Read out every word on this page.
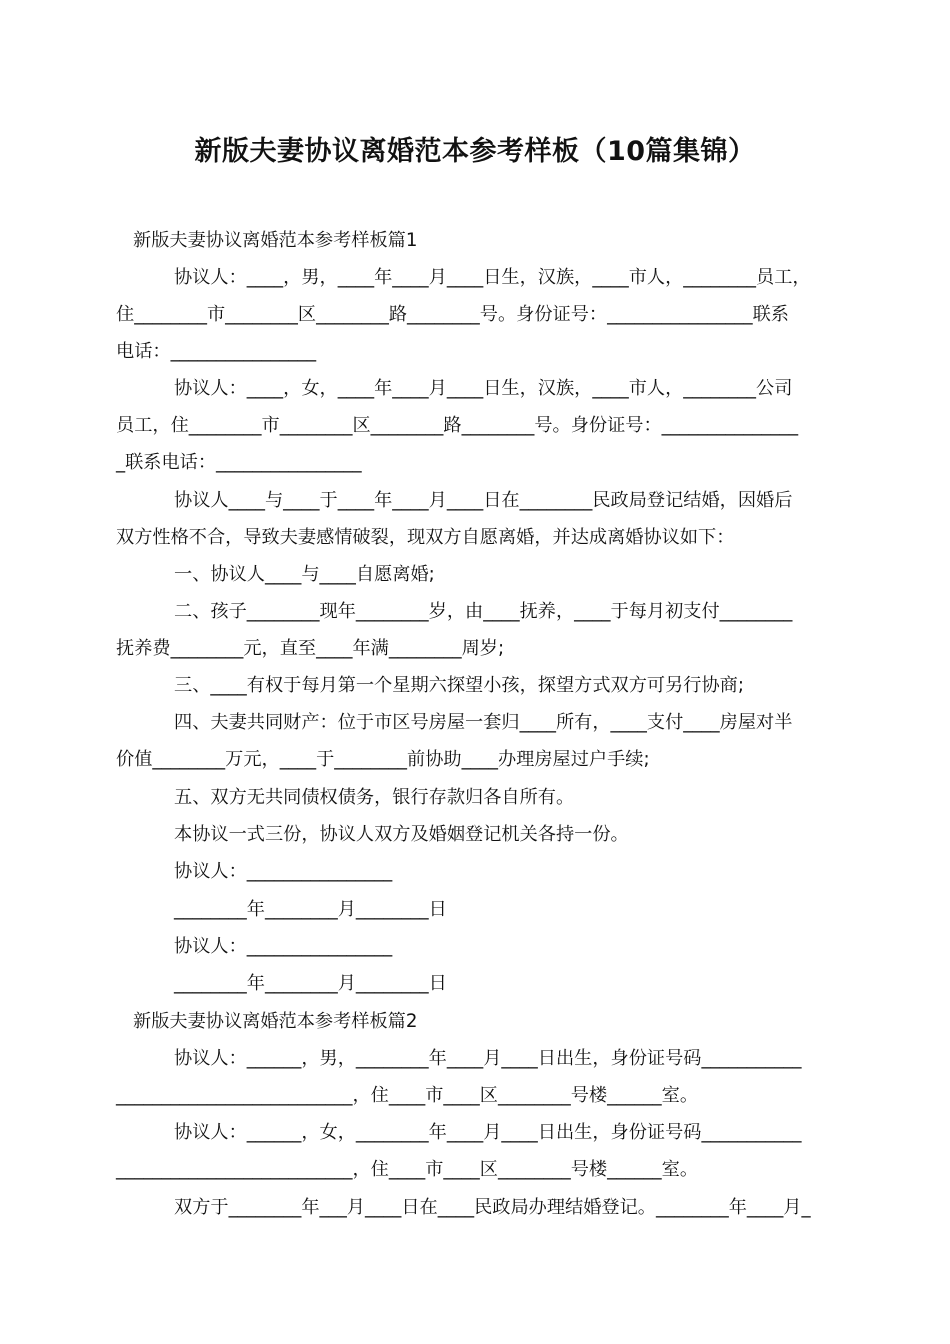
新版夫妻协议离婚范本参考样板（10篇集锦）
新版夫妻协议离婚范本参考样板篇1
协议人：____，男，____年____月____日生，汉族，____市人，________员工，
住________市________区________路________号。身份证号：________________联系
电话：________________
协议人：____，女，____年____月____日生，汉族，____市人，________公司
员工，住________市________区________路________号。身份证号：_______________
_联系电话：________________
协议人____与____于____年____月____日在________民政局登记结婚，因婚后
双方性格不合，导致夫妻感情破裂，现双方自愿离婚，并达成离婚协议如下：
一、协议人____与____自愿离婚;
二、孩子________现年________岁，由____抚养，____于每月初支付________
抚养费________元，直至____年满________周岁;
三、____有权于每月第一个星期六探望小孩，探望方式双方可另行协商;
四、夫妻共同财产：位于市区号房屋一套归____所有，____支付____房屋对半
价值________万元，____于________前协助____办理房屋过户手续;
五、双方无共同债权债务，银行存款归各自所有。
本协议一式三份，协议人双方及婚姻登记机关各持一份。
协议人：________________
________年________月________日
协议人：________________
________年________月________日
新版夫妻协议离婚范本参考样板篇2
协议人：______，男，________年____月____日出生，身份证号码___________
__________________________，住____市____区________号楼______室。
协议人：______，女，________年____月____日出生，身份证号码___________
__________________________，住____市____区________号楼______室。
双方于________年___月____日在____民政局办理结婚登记。________年____月_
